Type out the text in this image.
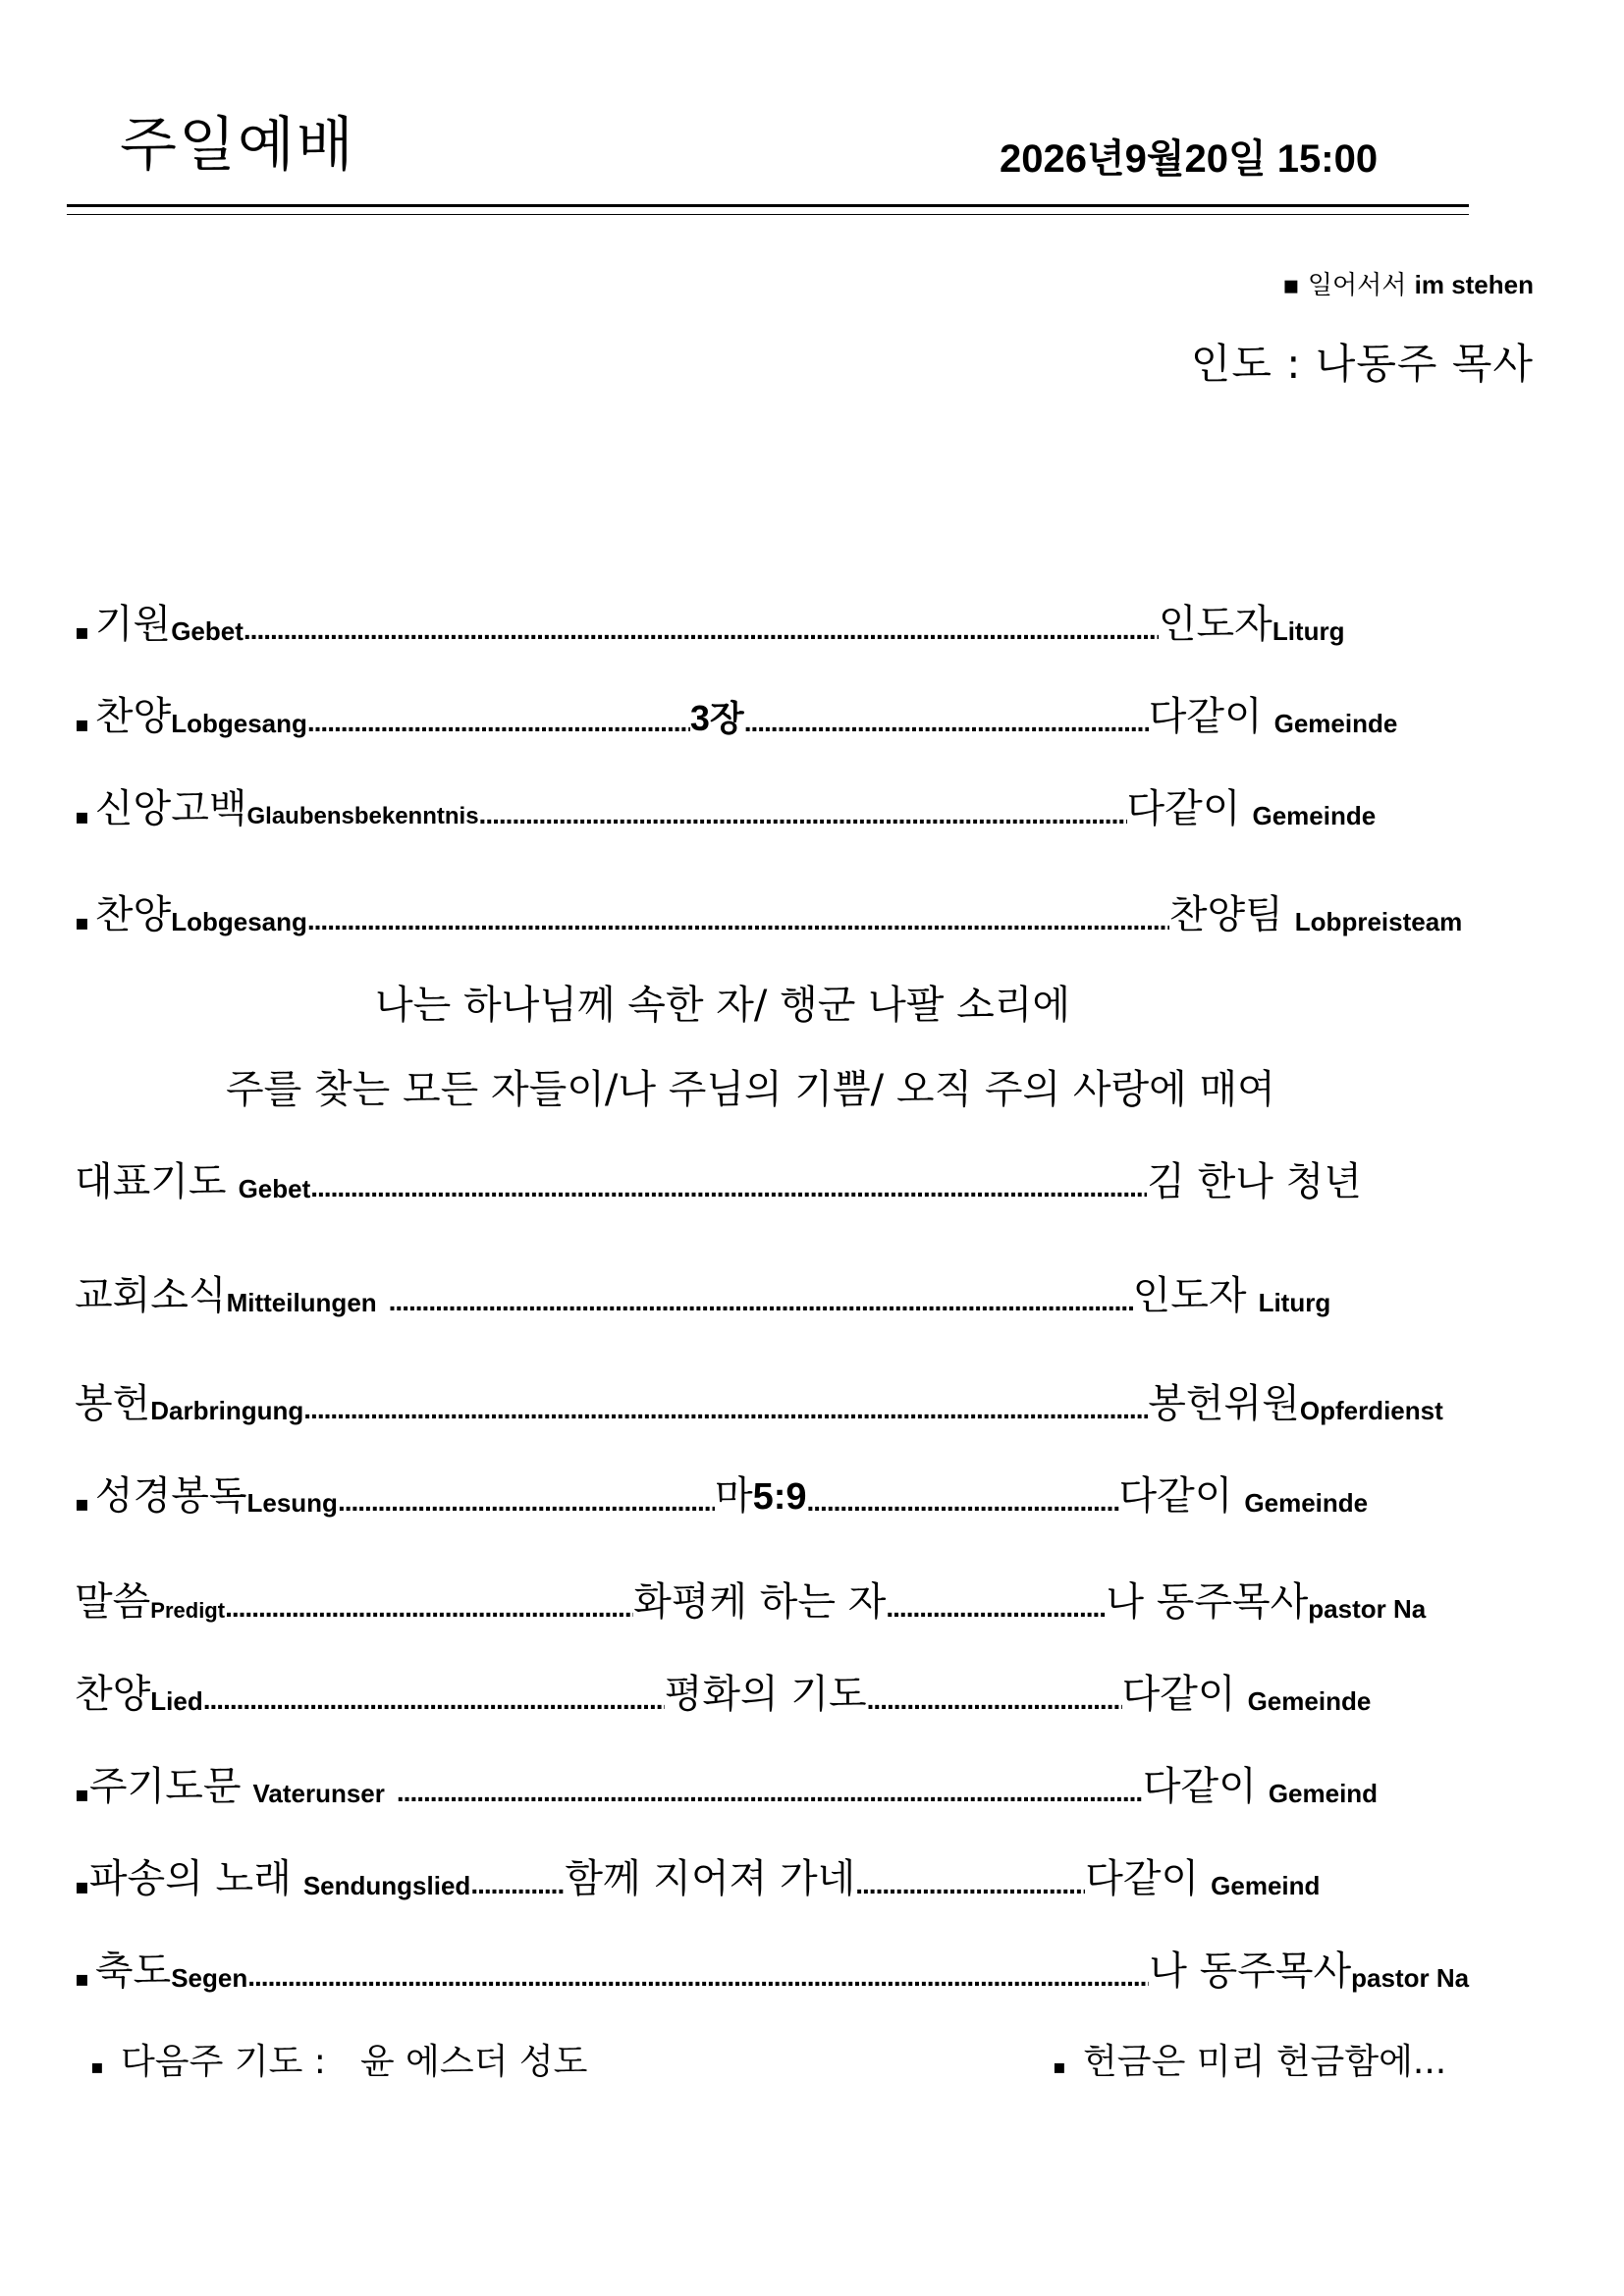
주일예배	2026년9월20일 15:00
▪ 일어서서 im stehen
인도 : 나동주 목사
▪ 기원 Gebet .....	인도자 Liturg
▪ 찬양 Lobgesang .....	3장 .....	다같이 Gemeinde
▪ 신앙고백 Glaubensbekenntnis .....	다같이 Gemeinde
▪ 찬양 Lobgesang .....	찬양팀 Lobpreisteam
나는 하나님께 속한 자/ 행군 나팔 소리에
주를 찾는 모든 자들이/나 주님의 기쁨/ 오직 주의 사랑에 매여
대표기도 Gebet .....	김 한나 청년
교회소식 Mitteilungen .....	인도자 Liturg
봉헌 Darbringung .....	봉헌위원 Opferdienst
▪ 성경봉독 Lesung .....	마 5:9 .....	다같이 Gemeinde
말씀 Predigt .....	화평케 하는 자 .....	나 동주목사 pastor Na
찬양 Lied .....	평화의 기도 .....	다같이 Gemeinde
▪ 주기도문 Vaterunser .....	다같이 Gemeind
▪ 파송의 노래 Sendungslied ..... 함께 지어져 가네 .....	다같이 Gemeind
▪ 축도 Segen .....	나 동주목사 pastor Na
▪ 다음주 기도 : 윤 에스더 성도	▪ 헌금은 미리 헌금함에...
